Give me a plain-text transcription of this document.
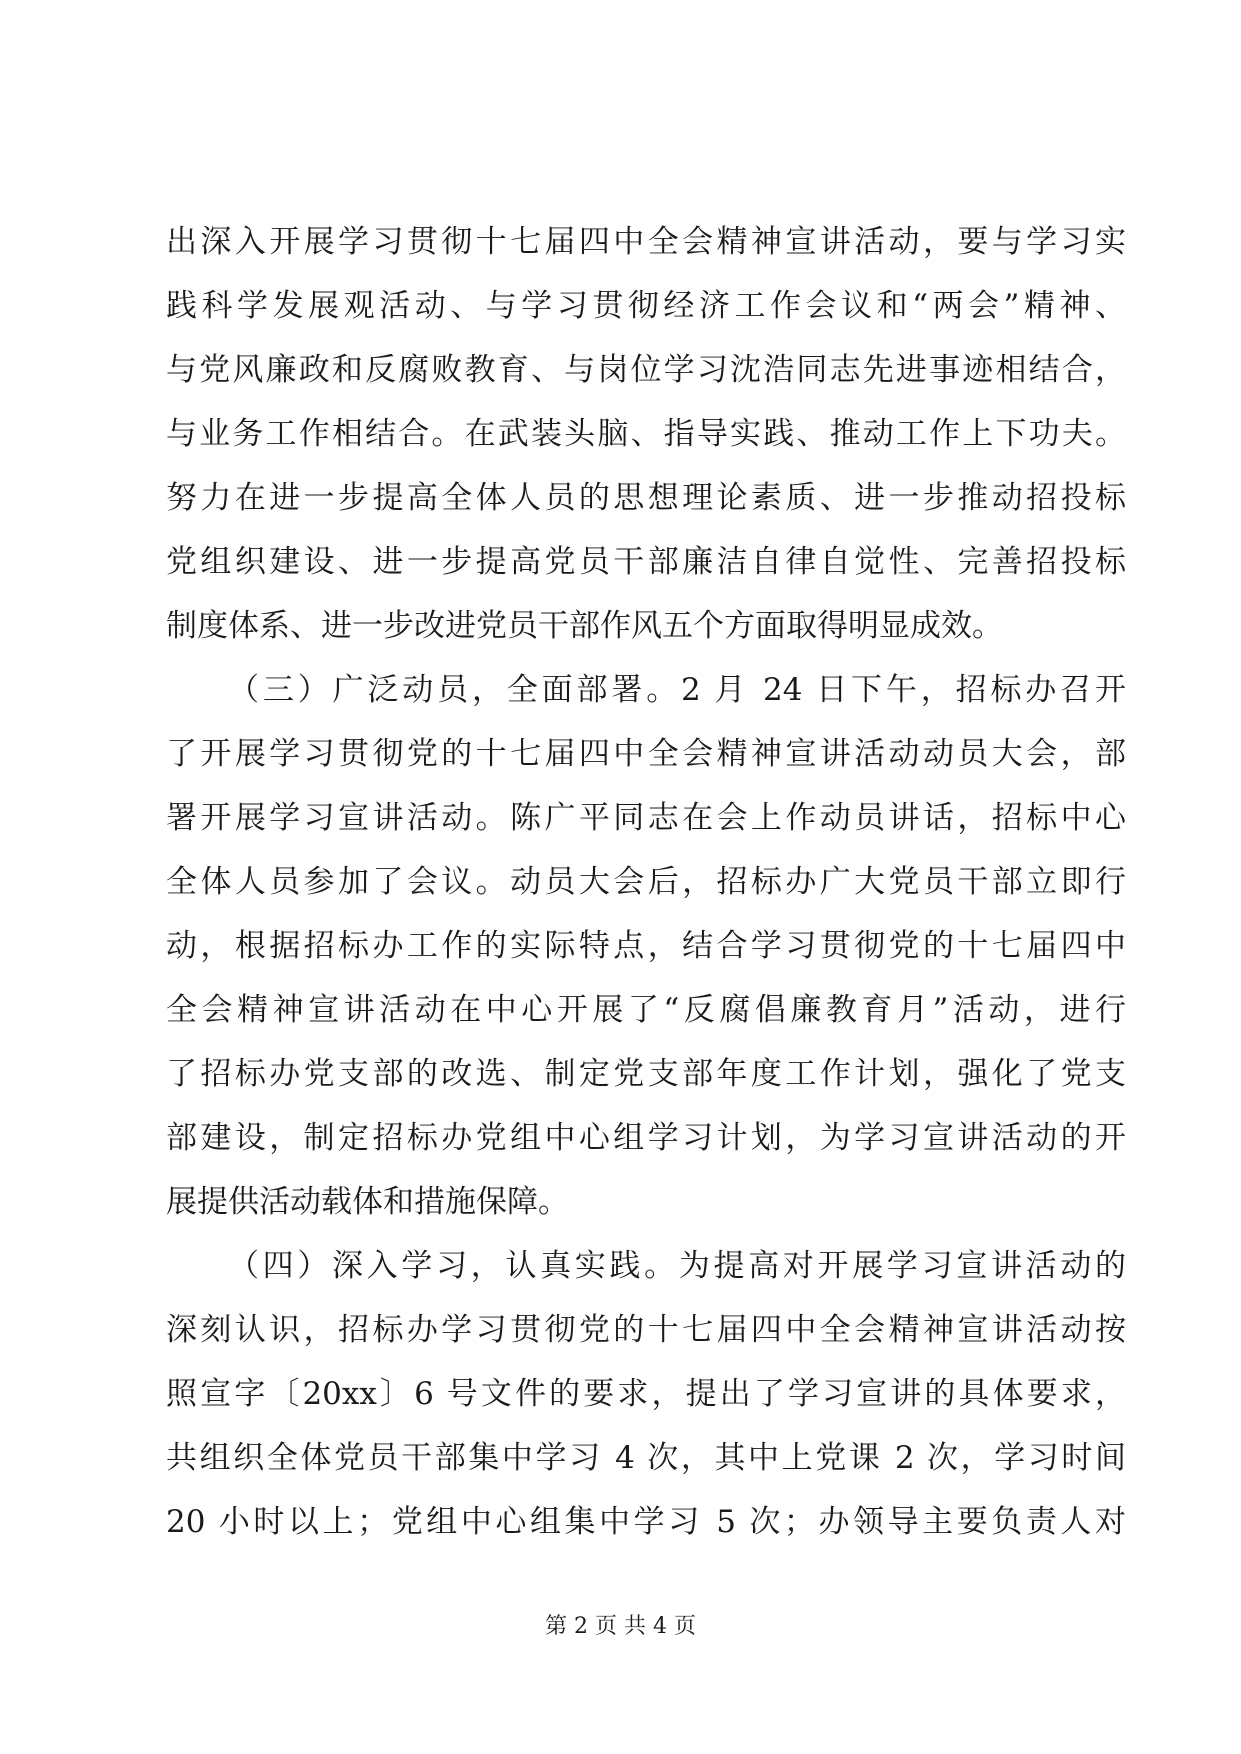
出深入开展学习贯彻十七届四中全会精神宣讲活动，要与学习实
践科学发展观活动、与学习贯彻经济工作会议和“两会”精神、
与党风廉政和反腐败教育、与岗位学习沈浩同志先进事迹相结合，
与业务工作相结合。在武装头脑、指导实践、推动工作上下功夫。
努力在进一步提高全体人员的思想理论素质、进一步推动招投标
党组织建设、进一步提高党员干部廉洁自律自觉性、完善招投标
制度体系、进一步改进党员干部作风五个方面取得明显成效。
（三）广泛动员，全面部署。2 月 24 日下午，招标办召开
了开展学习贯彻党的十七届四中全会精神宣讲活动动员大会，部
署开展学习宣讲活动。陈广平同志在会上作动员讲话，招标中心
全体人员参加了会议。动员大会后，招标办广大党员干部立即行
动，根据招标办工作的实际特点，结合学习贯彻党的十七届四中
全会精神宣讲活动在中心开展了“反腐倡廉教育月”活动，进行
了招标办党支部的改选、制定党支部年度工作计划，强化了党支
部建设，制定招标办党组中心组学习计划，为学习宣讲活动的开
展提供活动载体和措施保障。
（四）深入学习，认真实践。为提高对开展学习宣讲活动的
深刻认识，招标办学习贯彻党的十七届四中全会精神宣讲活动按
照宣字〔20xx〕6 号文件的要求，提出了学习宣讲的具体要求，
共组织全体党员干部集中学习 4 次，其中上党课 2 次，学习时间
20 小时以上；党组中心组集中学习 5 次；办领导主要负责人对
第 2 页 共 4 页
